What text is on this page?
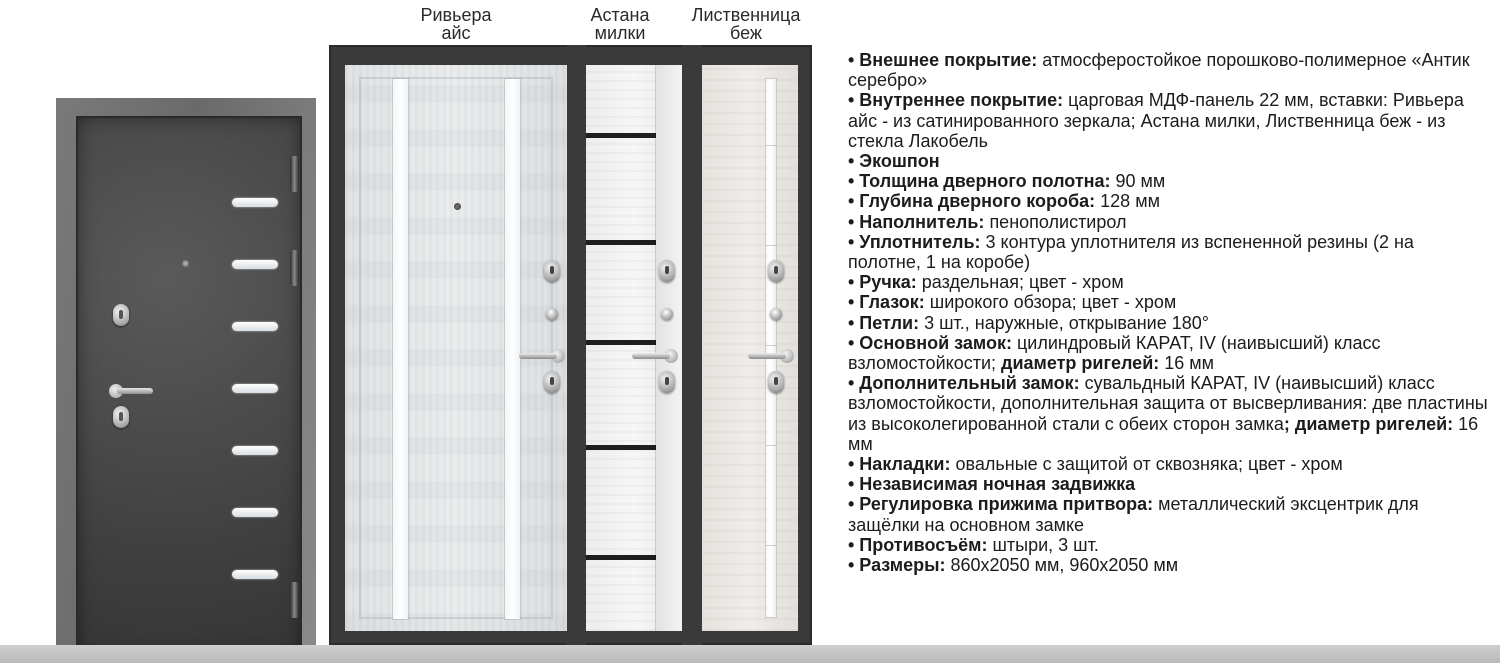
Ривьера
айс
Астана
милки
Лиственница
беж
• Внешнее покрытие: атмосферостойкое порошково-полимерное «Антик серебро»
• Внутреннее покрытие: царговая МДФ-панель 22 мм, вставки: Ривьера айс - из сатинированного зеркала; Астана милки, Лиственница беж - из стекла Лакобель
• Экошпон
• Толщина дверного полотна: 90 мм
• Глубина дверного короба: 128 мм
• Наполнитель: пенополистирол
• Уплотнитель: 3 контура уплотнителя из вспененной резины (2 на полотне, 1 на коробе)
• Ручка: раздельная; цвет - хром
• Глазок: широкого обзора; цвет - хром
• Петли: 3 шт., наружные, открывание 180°
• Основной замок: цилиндровый КАРАТ, IV (наивысший) класс взломостойкости; диаметр ригелей: 16 мм
• Дополнительный замок: сувальдный КАРАТ, IV (наивысший) класс взломостойкости, дополнительная защита от высверливания: две пластины из высоколегированной стали с обеих сторон замка; диаметр ригелей: 16 мм
• Накладки: овальные с защитой от сквозняка; цвет - хром
• Независимая ночная задвижка
• Регулировка прижима притвора: металлический эксцентрик для защёлки на основном замке
• Противосъём: штыри, 3 шт.
• Размеры: 860x2050 мм, 960x2050 мм
